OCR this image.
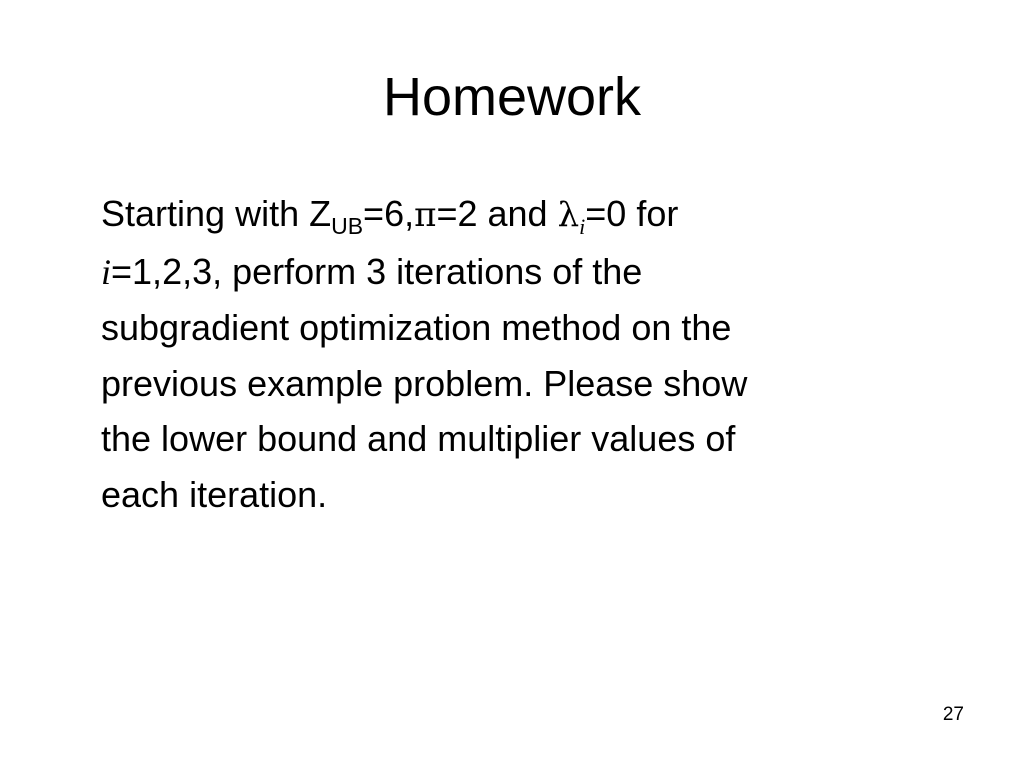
Homework
Starting with $Z_{UB}=6,\pi=2$ and $\lambda_i=0$ for
i=1,2,3, perform 3 iterations of the
subgradient optimization method on the
previous example problem. Please show
the lower bound and multiplier values of
each iteration.
27
